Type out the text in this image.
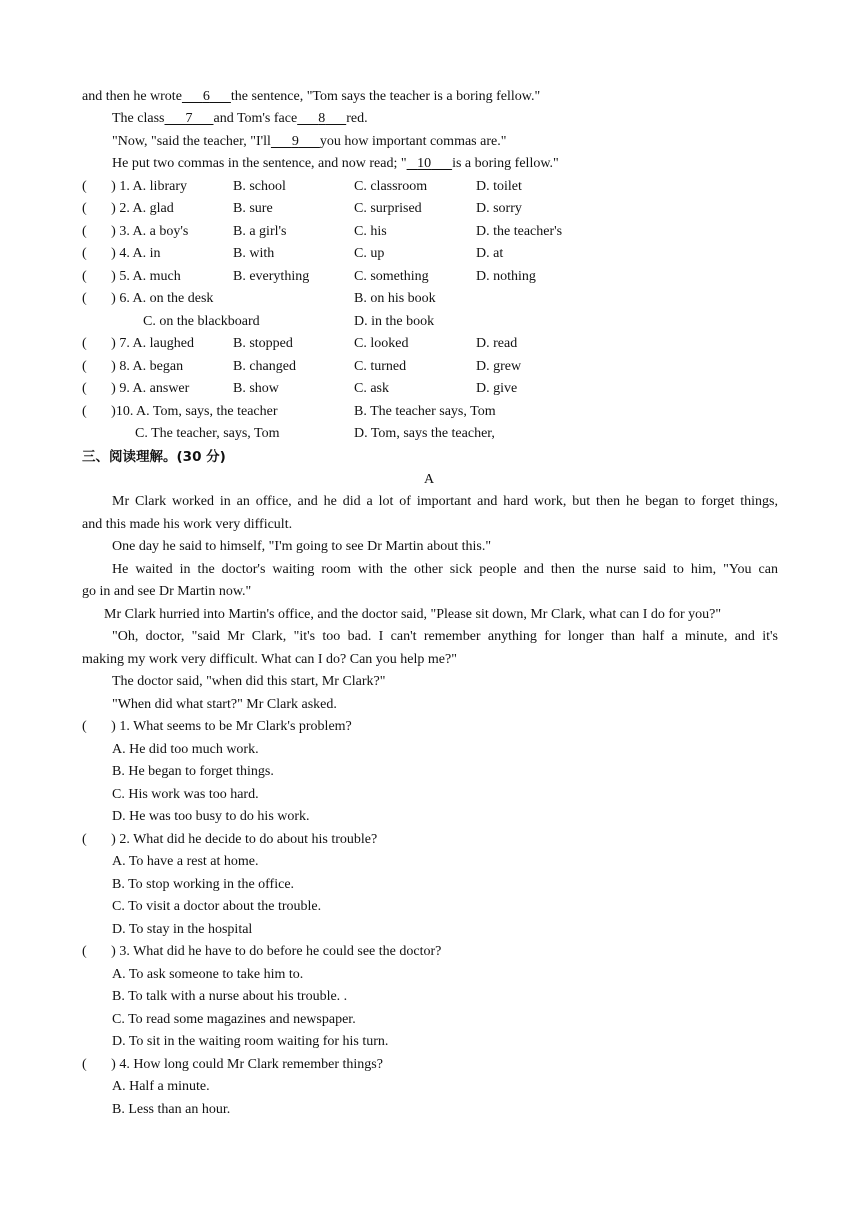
and then he wrote 6 the sentence, "Tom says the teacher is a boring fellow."
The class 7 and Tom's face 8 red.
"Now, "said the teacher, "I'll 9 you how important commas are."
He put two commas in the sentence, and now read; " 10 is a boring fellow."
(       ) 1. A. library	B. school	C. classroom	D. toilet
(       ) 2. A. glad	B. sure	C. surprised	D. sorry
(       ) 3. A. a boy's	B. a girl's	C. his	D. the teacher's
(       ) 4. A. in	B. with	C. up	D. at
(       ) 5. A. much	B. everything	C. something	D. nothing
(       ) 6. A. on the desk	B. on his book
C. on the blackboard	D. in the book
(       ) 7. A. laughed	B. stopped	C. looked	D. read
(       ) 8. A. began	B. changed	C. turned	D. grew
(       ) 9. A. answer	B. show	C. ask	D. give
(       )10. A. Tom, says, the teacher	B. The teacher says, Tom
C. The teacher, says, Tom	D. Tom, says the teacher,
三、阅读理解。(30 分)
A
Mr Clark worked in an office, and he did a lot of important and hard work, but then he began to forget things,
and this made his work very difficult.
One day he said to himself, "I'm going to see Dr Martin about this."
He waited in the doctor's waiting room with the other sick people and then the nurse said to him, "You can
go in and see Dr Martin now."
Mr Clark hurried into Martin's office, and the doctor said, "Please sit down, Mr Clark, what can I do for you?"
"Oh, doctor, "said Mr Clark, "it's too bad. I can't remember anything for longer than half a minute, and it's
making my work very difficult. What can I do? Can you help me?"
The doctor said, "when did this start, Mr Clark?"
"When did what start?" Mr Clark asked.
(       ) 1. What seems to be Mr Clark's problem?
A. He did too much work.
B. He began to forget things.
C. His work was too hard.
D. He was too busy to do his work.
(       ) 2. What did he decide to do about his trouble?
A. To have a rest at home.
B. To stop working in the office.
C. To visit a doctor about the trouble.
D. To stay in the hospital
(       ) 3. What did he have to do before he could see the doctor?
A. To ask someone to take him to.
B. To talk with a nurse about his trouble. .
C. To read some magazines and newspaper.
D. To sit in the waiting room waiting for his turn.
(       ) 4. How long could Mr Clark remember things?
A. Half a minute.
B. Less than an hour.
